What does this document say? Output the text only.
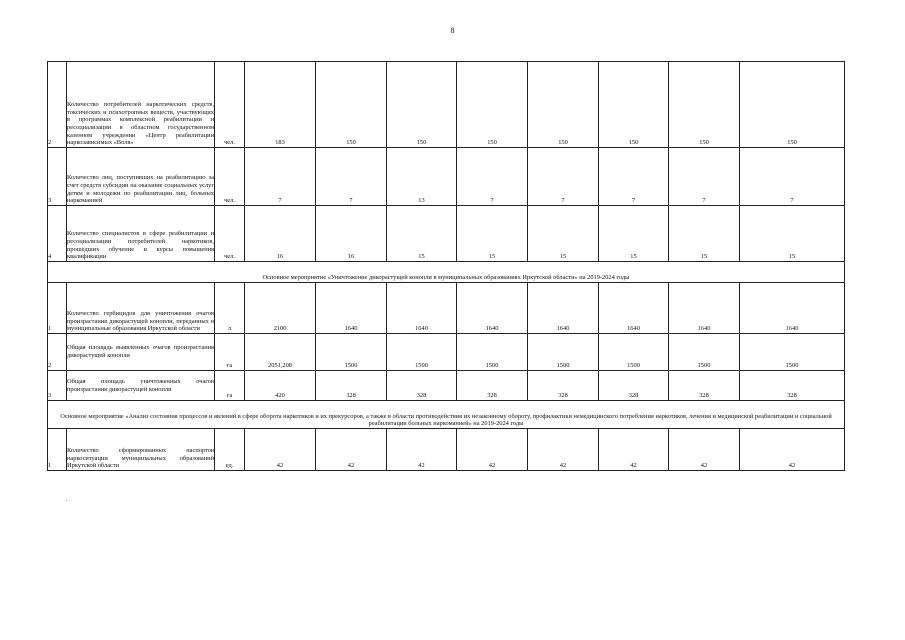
8
2	Количество потребителей наркотических средств, токсических и психотропных веществ, участвующих в программах комплексной реабилитации и ресоциализации в областном государственном казенном учреждении «Центр реабилитации наркозависимых «Воля»	чел.	183	150	150	150	150	150	150	150
3	Количество лиц, поступивших на реабилитацию за счет средств субсидии на оказание социальных услуг детям и молодежи по реабилитации лиц, больных наркоманией	чел.	7	7	13	7	7	7	7	7
4	Количество специалистов в сфере реабилитации и ресоциализации потребителей наркотиков, прошедших обучение и курсы повышения квалификации	чел.	16	16	15	15	15	15	15	15
Основное мероприятие «Уничтожение дикорастущей конопли в муниципальных образованиях Иркутской области» на 2019-2024 годы										
1	Количество гербицидов для уничтожения очагов произрастания дикорастущей конопли, переданных в муниципальные образования Иркутской области	л	2100	1640	1640	1640	1640	1640	1640	1640
2	Общая площадь выявленных очагов произрастания дикорастущей конопли	га	2051,208	1500	1500	1500	1500	1500	1500	1500
3	Общая площадь уничтоженных очагов произрастания дикорастущей конопли	га	420	328	328	328	328	328	328	328
Основное мероприятие «Анализ состояния процессов и явлений в сфере оборота наркотиков и их прекурсоров, а также в области противодействия их незаконному обороту, профилактики немедицинского потребления наркотиков, лечения и медицинской реабилитации и социальной реабилитации больных наркоманией» на 2019-2024 годы										
1	Количество сформированных паспортов наркоситуации муниципальных образований Иркутской области	ед.	42	42	42	42	42	42	42	42
